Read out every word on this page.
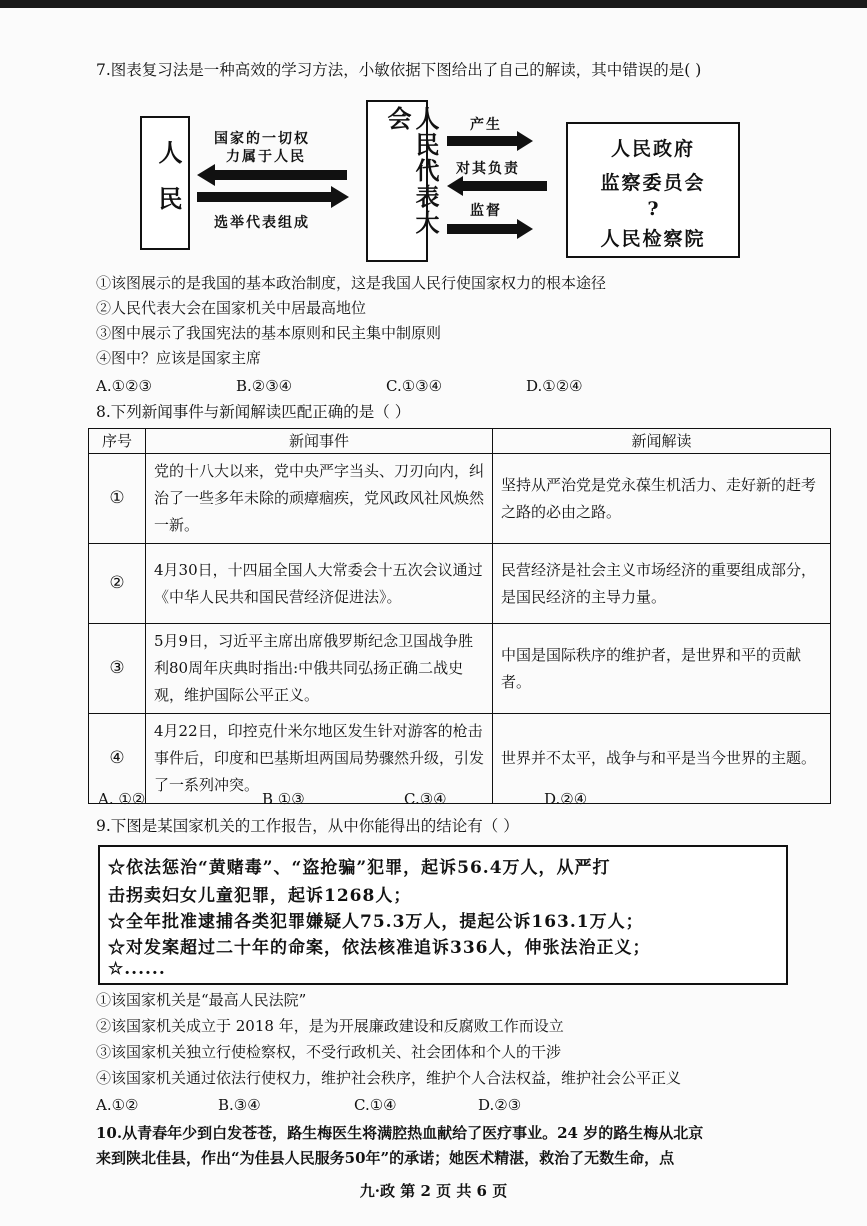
7.图表复习法是一种高效的学习方法，小敏依据下图给出了自己的解读，其中错误的是( )
人民
国家的一切权
力属于人民
选举代表组成	人民代表大会	产生
对其负责
监督
人民政府
监察委员会
?
人民检察院
①该图展示的是我国的基本政治制度，这是我国人民行使国家权力的根本途径
②人民代表大会在国家机关中居最高地位
③图中展示了我国宪法的基本原则和民主集中制原则
④图中？应该是国家主席
A.①②③	B.②③④	C.①③④	D.①②④
8.下列新闻事件与新闻解读匹配正确的是（ ）
序号	新闻事件	新闻解读
①	党的十八大以来，党中央严字当头、刀刃向内，纠治了一些多年未除的顽瘴痼疾，党风政风社风焕然一新。	坚持从严治党是党永葆生机活力、走好新的赶考之路的必由之路。
②	4月30日，十四届全国人大常委会十五次会议通过《中华人民共和国民营经济促进法》。	民营经济是社会主义市场经济的重要组成部分，是国民经济的主导力量。
③	5月9日，习近平主席出席俄罗斯纪念卫国战争胜利80周年庆典时指出:中俄共同弘扬正确二战史观，维护国际公平正义。	中国是国际秩序的维护者，是世界和平的贡献者。
④	4月22日，印控克什米尔地区发生针对游客的枪击事件后，印度和巴基斯坦两国局势骤然升级，引发了一系列冲突。	世界并不太平，战争与和平是当今世界的主题。
A. ①②	B ①③	C.③④	D.②④
9.下图是某国家机关的工作报告，从中你能得出的结论有（ ）
☆依法惩治“黄赌毒”、“盗抢骗”犯罪，起诉56.4万人，从严打
击拐卖妇女儿童犯罪，起诉1268人；
☆全年批准逮捕各类犯罪嫌疑人75.3万人，提起公诉163.1万人；
☆对发案超过二十年的命案，依法核准追诉336人，伸张法治正义；
☆......
①该国家机关是“最高人民法院”
②该国家机关成立于 2018 年，是为开展廉政建设和反腐败工作而设立
③该国家机关独立行使检察权，不受行政机关、社会团体和个人的干涉
④该国家机关通过依法行使权力，维护社会秩序，维护个人合法权益，维护社会公平正义
A.①②	B.③④	C.①④	D.②③
10.从青春年少到白发苍苍，路生梅医生将满腔热血献给了医疗事业。24 岁的路生梅从北京
来到陕北佳县，作出“为佳县人民服务50年”的承诺；她医术精湛，救治了无数生命，点
九·政 第 2 页 共 6 页
